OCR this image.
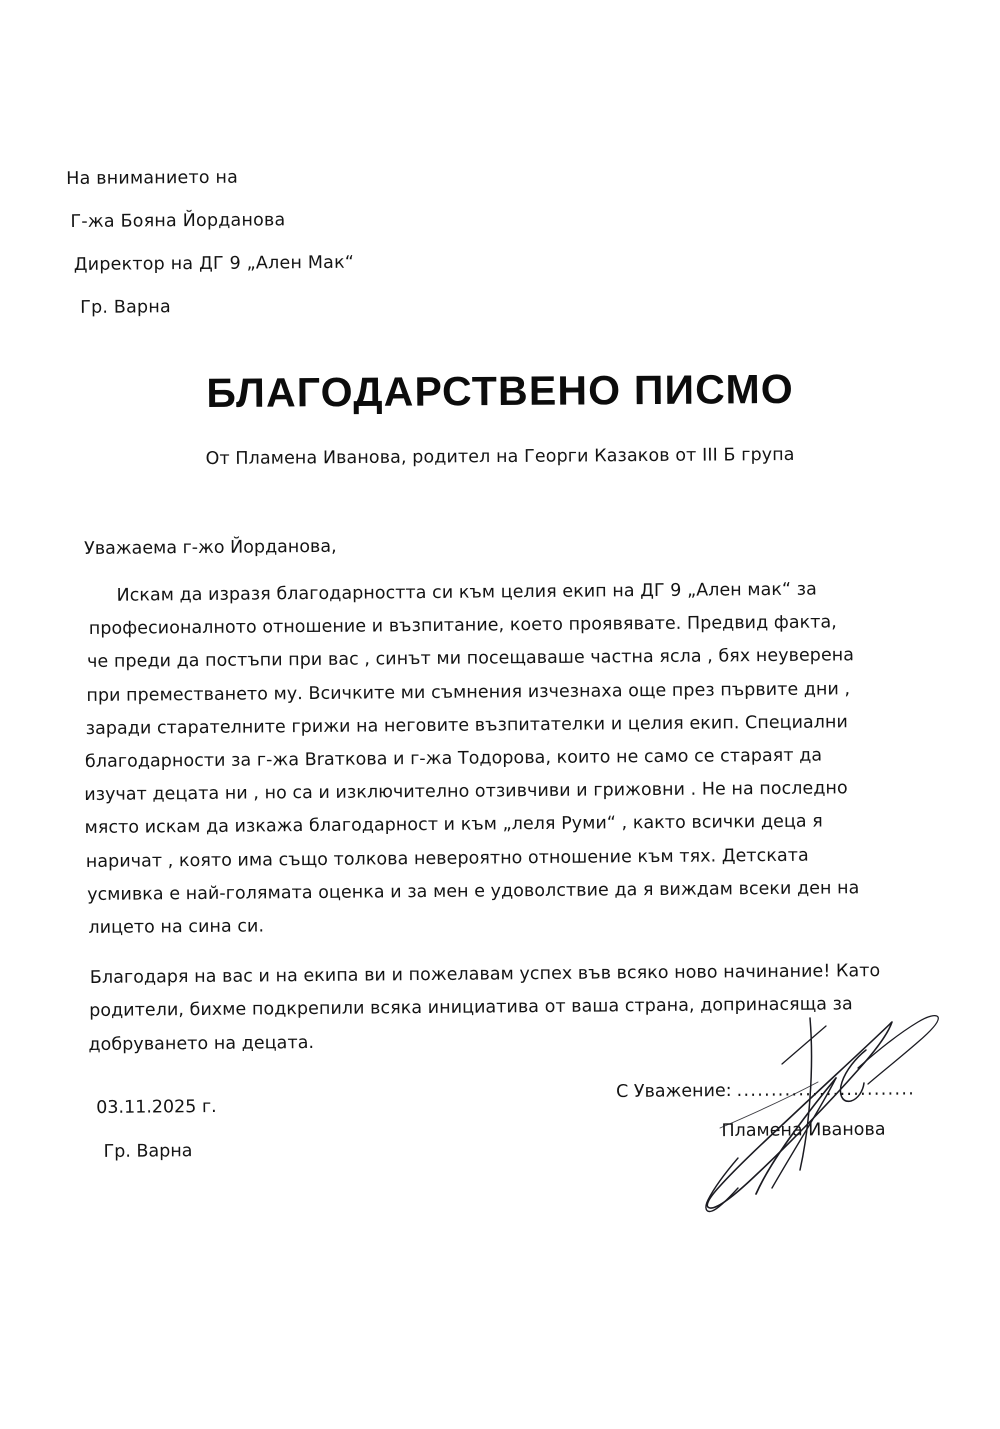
На вниманието на
Г-жа Бояна Йорданова
Директор на ДГ 9 „Ален Мак“
Гр. Варна
БЛАГОДАРСТВЕНО ПИСМО
От Пламена Иванова, родител на Георги Казаков от III Б група
Уважаема г-жо Йорданова,
Искам да изразя благодарността си към целия екип на ДГ 9 „Ален мак“ за
професионалното отношение и възпитание, което проявявате. Предвид факта,
че преди да постъпи при вас , синът ми посещаваше частна ясла , бях неуверена
при преместването му. Всичките ми съмнения изчезнаха още през първите дни ,
заради старателните грижи на неговите възпитателки и целия екип. Специални
благодарности за г-жа Braткова и г-жа Тодорова, които не само се стараят да
изучат децата ни , но са и изключително отзивчиви и грижовни . Не на последно
място искам да изкажа благодарност и към „леля Руми“ , както всички деца я
наричат , която има също толкова невероятно отношение към тях. Детската
усмивка е най-голямата оценка и за мен е удоволствие да я виждам всеки ден на
лицето на сина си.
Благодаря на вас и на екипа ви и пожелавам успех във всяко ново начинание! Като
родители, бихме подкрепили всяка инициатива от ваша страна, допринасяща за
добруването на децата.
03.11.2025 г.
Гр. Варна
С Уважение: ..........................
Пламена Иванова
